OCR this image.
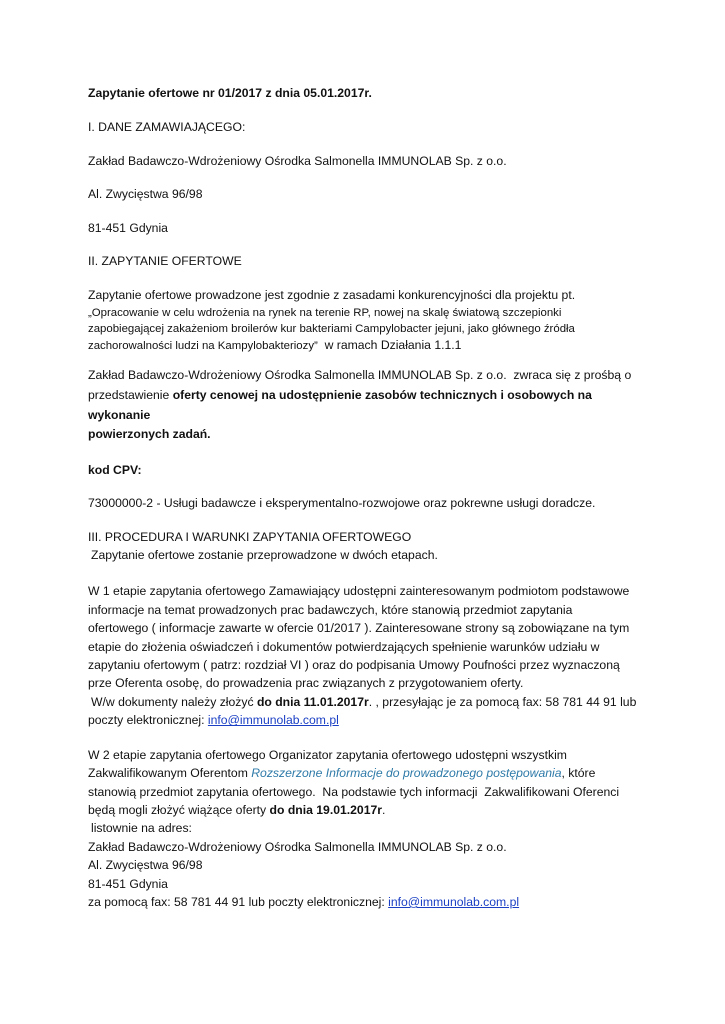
Zapytanie ofertowe nr 01/2017 z dnia 05.01.2017r.

I. DANE ZAMAWIAJĄCEGO:

Zakład Badawczo-Wdrożeniowy Ośrodka Salmonella IMMUNOLAB Sp. z o.o.

Al. Zwycięstwa 96/98

81-451 Gdynia

II. ZAPYTANIE OFERTOWE

Zapytanie ofertowe prowadzone jest zgodnie z zasadami konkurencyjności dla projektu pt.

„Opracowanie w celu wdrożenia na rynek na terenie RP, nowej na skalę światową szczepionki

zapobiegającej zakażeniom broilerów kur bakteriami Campylobacter jejuni, jako głównego źródła

zachorowalności ludzi na Kampylobakteriozy”  w ramach Działania 1.1.1

Zakład Badawczo-Wdrożeniowy Ośrodka Salmonella IMMUNOLAB Sp. z o.o.  zwraca się z prośbą o

przedstawienie oferty cenowej na udostępnienie zasobów technicznych i osobowych na wykonanie

powierzonych zadań.

kod CPV:

73000000-2 - Usługi badawcze i eksperymentalno-rozwojowe oraz pokrewne usługi doradcze.

III. PROCEDURA I WARUNKI ZAPYTANIA OFERTOWEGO

Zapytanie ofertowe zostanie przeprowadzone w dwóch etapach.

W 1 etapie zapytania ofertowego Zamawiający udostępni zainteresowanym podmiotom podstawowe

informacje na temat prowadzonych prac badawczych, które stanowią przedmiot zapytania

ofertowego ( informacje zawarte w ofercie 01/2017 ). Zainteresowane strony są zobowiązane na tym

etapie do złożenia oświadczeń i dokumentów potwierdzających spełnienie warunków udziału w

zapytaniu ofertowym ( patrz: rozdział VI ) oraz do podpisania Umowy Poufności przez wyznaczoną

prze Oferenta osobę, do prowadzenia prac związanych z przygotowaniem oferty.

W/w dokumenty należy złożyć do dnia 11.01.2017r. , przesyłając je za pomocą fax: 58 781 44 91 lub

poczty elektronicznej: info@immunolab.com.pl

W 2 etapie zapytania ofertowego Organizator zapytania ofertowego udostępni wszystkim

Zakwalifikowanym Oferentom Rozszerzone Informacje do prowadzonego postępowania, które

stanowią przedmiot zapytania ofertowego.  Na podstawie tych informacji  Zakwalifikowani Oferenci

będą mogli złożyć wiążące oferty do dnia 19.01.2017r.

listownie na adres:

Zakład Badawczo-Wdrożeniowy Ośrodka Salmonella IMMUNOLAB Sp. z o.o.

Al. Zwycięstwa 96/98

81-451 Gdynia

za pomocą fax: 58 781 44 91 lub poczty elektronicznej: info@immunolab.com.pl
